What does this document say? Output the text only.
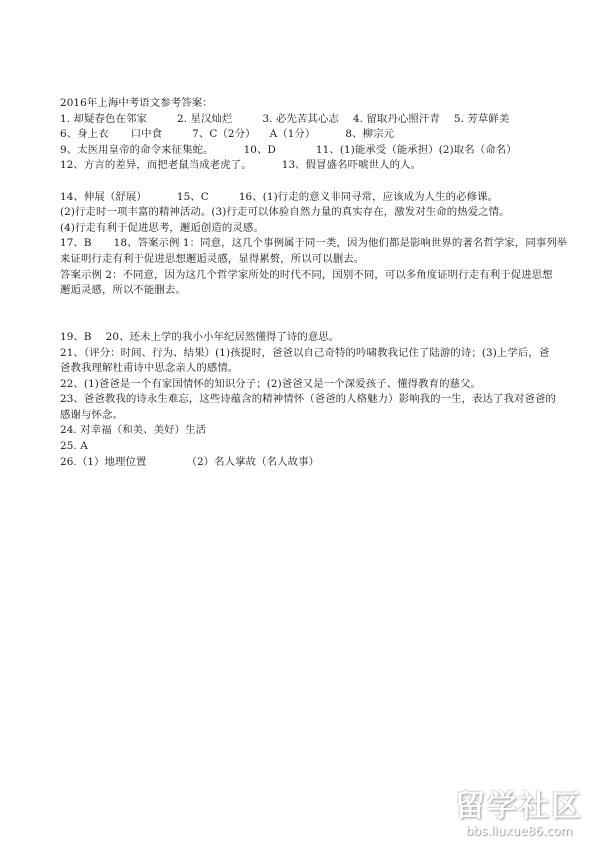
2016年上海中考语文参考答案：
1. 却疑春色在邻家	2. 星汉灿烂	3. 必先苦其心志 4. 留取丹心照汗青 5. 芳草鲜美
6、身上衣 口中食	7、C（2分） A（1分）	8、柳宗元
9、太医用皇帝的命令来征集蛇。	10、D	11、(1)能承受（能承担）(2)取名（命名）
12、方言的差异，而把老鼠当成老虎了。	13、假冒盛名吓唬世人的人。
14、伸展（舒展）	15、C	16、(1)行走的意义非同寻常，应该成为人生的必修课。
(2)行走时一项丰富的精神活动。(3)行走可以体验自然力量的真实存在，激发对生命的热爱之情。
(4)行走有利于促进思考，邂逅创造的灵感。
17、B 18、答案示例 1：同意，这几个事例属于同一类，因为他们都是影响世界的著名哲学家，同事列举
来证明行走有利于促进思想邂逅灵感，显得累赘，所以可以删去。
答案示例 2：不同意，因为这几个哲学家所处的时代不同，国别不同，可以多角度证明行走有利于促进思想
邂逅灵感，所以不能删去。
19、B 20、还未上学的我小小年纪居然懂得了诗的意思。
21、（评分：时间、行为、结果）(1)孩提时，爸爸以自己奇特的吟啸教我记住了陆游的诗；(3)上学后，爸
爸教我理解杜甫诗中思念亲人的感情。
22、(1)爸爸是一个有家国情怀的知识分子；(2)爸爸又是一个深爱孩子、懂得教育的慈父。
23、爸爸教我的诗永生难忘，这些诗蕴含的精神情怀（爸爸的人格魅力）影响我的一生，表达了我对爸爸的
感谢与怀念。
24. 对幸福（和美、美好）生活
25. A
26.（1）地理位置	（2）名人掌故（名人故事）
留学社区
bbs.liuxue86.com
